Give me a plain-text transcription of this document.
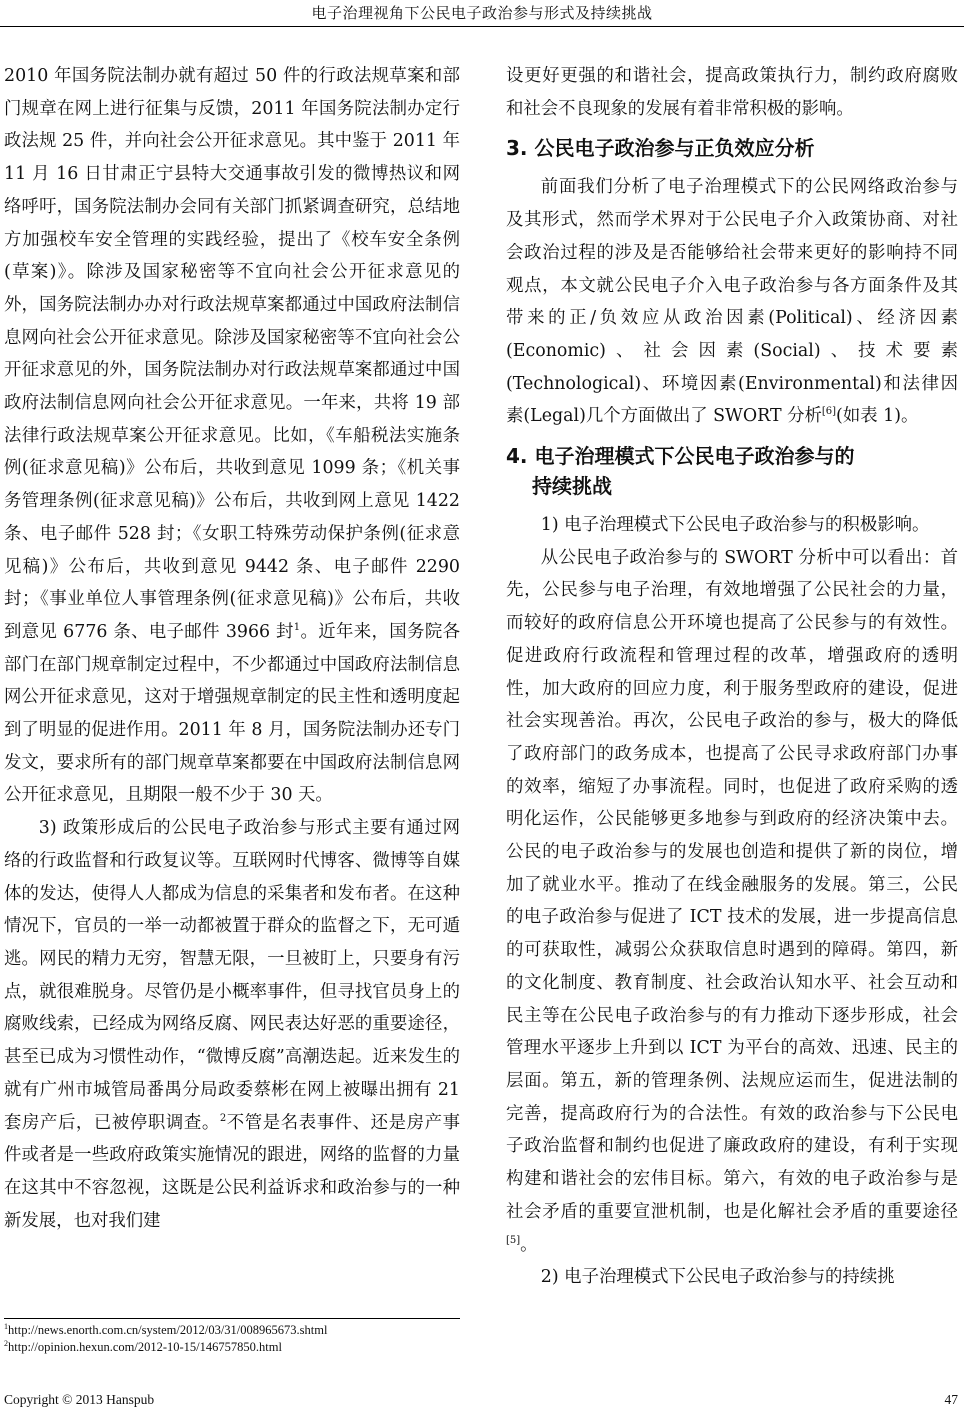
电子治理视角下公民电子政治参与形式及持续挑战

2010 年国务院法制办就有超过 50 件的行政法规草案和部门规章在网上进行征集与反馈，2011 年国务院法制办定行政法规 25 件，并向社会公开征求意见。其中鉴于 2011 年 11 月 16 日甘肃正宁县特大交通事故引发的微博热议和网络呼吁，国务院法制办会同有关部门抓紧调查研究，总结地方加强校车安全管理的实践经验，提出了《校车安全条例(草案)》。除涉及国家秘密等不宜向社会公开征求意见的外，国务院法制办办对行政法规草案都通过中国政府法制信息网向社会公开征求意见。除涉及国家秘密等不宜向社会公开征求意见的外，国务院法制办对行政法规草案都通过中国政府法制信息网向社会公开征求意见。一年来，共将 19 部法律行政法规草案公开征求意见。比如，《车船税法实施条例(征求意见稿)》公布后，共收到意见 1099 条；《机关事务管理条例(征求意见稿)》公布后，共收到网上意见 1422 条、电子邮件 528 封；《女职工特殊劳动保护条例(征求意见稿)》公布后，共收到意见 9442 条、电子邮件 2290 封；《事业单位人事管理条例(征求意见稿)》公布后，共收到意见 6776 条、电子邮件 3966 封$^1$。近年来，国务院各部门在部门规章制定过程中，不少都通过中国政府法制信息网公开征求意见，这对于增强规章制定的民主性和透明度起到了明显的促进作用。2011 年 8 月，国务院法制办还专门发文，要求所有的部门规章草案都要在中国政府法制信息网公开征求意见，且期限一般不少于 30 天。

3) 政策形成后的公民电子政治参与形式主要有通过网络的行政监督和行政复议等。互联网时代博客、微博等自媒体的发达，使得人人都成为信息的采集者和发布者。在这种情况下，官员的一举一动都被置于群众的监督之下，无可遁逃。网民的精力无穷，智慧无限，一旦被盯上，只要身有污点，就很难脱身。尽管仍是小概率事件，但寻找官员身上的腐败线索，已经成为网络反腐、网民表达好恶的重要途径，甚至已成为习惯性动作，“微博反腐”高潮迭起。近来发生的就有广州市城管局番禺分局政委蔡彬在网上被曝出拥有 21 套房产后，已被停职调查。$^2$不管是名表事件、还是房产事件或者是一些政府政策实施情况的跟进，网络的监督的力量在这其中不容忽视，这既是公民利益诉求和政治参与的一种新发展，也对我们建

设更好更强的和谐社会，提高政策执行力，制约政府腐败和社会不良现象的发展有着非常积极的影响。

3. 公民电子政治参与正负效应分析

前面我们分析了电子治理模式下的公民网络政治参与及其形式，然而学术界对于公民电子介入政策协商、对社会政治过程的涉及是否能够给社会带来更好的影响持不同观点，本文就公民电子介入电子政治参与各方面条件及其带来的正/负效应从政治因素(Political)、经济因素(Economic)、社会因素(Social)、技术要素(Technological)、环境因素(Environmental)和法律因素(Legal)几个方面做出了 SWORT 分析[6](如表 1)。

4. 电子治理模式下公民电子政治参与的
持续挑战

1) 电子治理模式下公民电子政治参与的积极影响。

从公民电子政治参与的 SWORT 分析中可以看出：首先，公民参与电子治理，有效地增强了公民社会的力量，而较好的政府信息公开环境也提高了公民参与的有效性。促进政府行政流程和管理过程的改革，增强政府的透明性，加大政府的回应力度，利于服务型政府的建设，促进社会实现善治。再次，公民电子政治的参与，极大的降低了政府部门的政务成本，也提高了公民寻求政府部门办事的效率，缩短了办事流程。同时，也促进了政府采购的透明化运作，公民能够更多地参与到政府的经济决策中去。公民的电子政治参与的发展也创造和提供了新的岗位，增加了就业水平。推动了在线金融服务的发展。第三，公民的电子政治参与促进了 ICT 技术的发展，进一步提高信息的可获取性，减弱公众获取信息时遇到的障碍。第四，新的文化制度、教育制度、社会政治认知水平、社会互动和民主等在公民电子政治参与的有力推动下逐步形成，社会管理水平逐步上升到以 ICT 为平台的高效、迅速、民主的层面。第五，新的管理条例、法规应运而生，促进法制的完善，提高政府行为的合法性。有效的政治参与下公民电子政治监督和制约也促进了廉政政府的建设，有利于实现构建和谐社会的宏伟目标。第六，有效的电子政治参与是社会矛盾的重要宣泄机制，也是化解社会矛盾的重要途径[5]。

2) 电子治理模式下公民电子政治参与的持续挑

$^1$http://news.enorth.com.cn/system/2012/03/31/008965673.shtml
$^2$http://opinion.hexun.com/2012-10-15/146757850.html
Copyright © 2013 Hanspub	47
